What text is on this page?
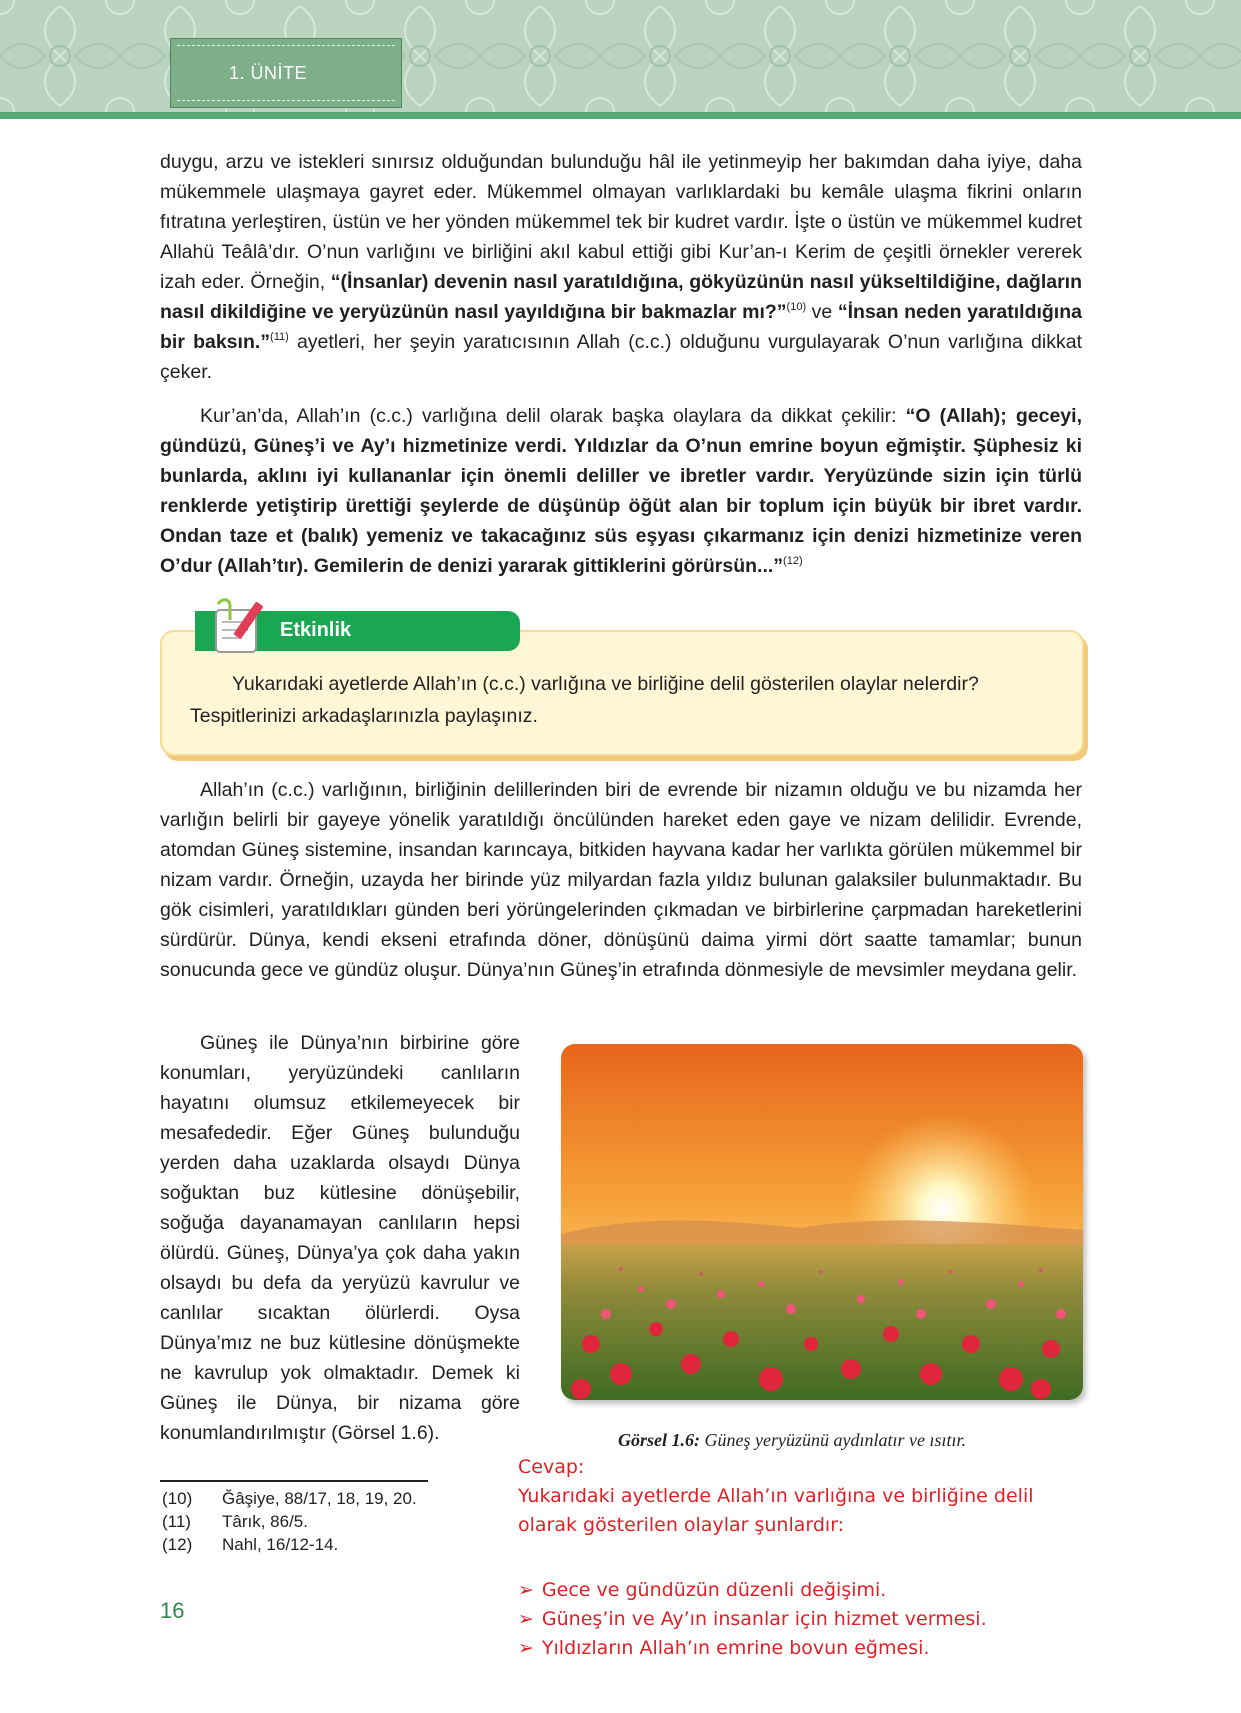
1. ÜNİTE
duygu, arzu ve istekleri sınırsız olduğundan bulunduğu hâl ile yetinmeyip her bakımdan daha iyiye, daha mükemmele ulaşmaya gayret eder. Mükemmel olmayan varlıklardaki bu kemâle ulaşma fikrini onların fıtratına yerleştiren, üstün ve her yönden mükemmel tek bir kudret vardır. İşte o üstün ve mükemmel kudret Allahü Teâlâ’dır. O’nun varlığını ve birliğini akıl kabul ettiği gibi Kur’an-ı Kerim de çeşitli örnekler vererek izah eder. Örneğin, “(İnsanlar) devenin nasıl yaratıldığına, gökyüzünün nasıl yükseltildiğine, dağların nasıl dikildiğine ve yeryüzünün nasıl yayıldığına bir bakmazlar mı?”$^{(10)}$ ve “İnsan neden yaratıldığına bir baksın.”$^{(11)}$ ayetleri, her şeyin yaratıcısının Allah (c.c.) olduğunu vurgulayarak O’nun varlığına dikkat çeker.
Kur’an’da, Allah’ın (c.c.) varlığına delil olarak başka olaylara da dikkat çekilir: “O (Allah); geceyi, gündüzü, Güneş’i ve Ay’ı hizmetinize verdi. Yıldızlar da O’nun emrine boyun eğmiştir. Şüphesiz ki bunlarda, aklını iyi kullananlar için önemli deliller ve ibretler vardır. Yeryüzünde sizin için türlü renklerde yetiştirip ürettiği şeylerde de düşünüp öğüt alan bir toplum için büyük bir ibret vardır. Ondan taze et (balık) yemeniz ve takacağınız süs eşyası çıkarmanız için denizi hizmetinize veren O’dur (Allah’tır). Gemilerin de denizi yararak gittiklerini görürsün...”$^{(12)}$
Etkinlik
Yukarıdaki ayetlerde Allah’ın (c.c.) varlığına ve birliğine delil gösterilen olaylar nelerdir? Tespitlerinizi arkadaşlarınızla paylaşınız.
Allah’ın (c.c.) varlığının, birliğinin delillerinden biri de evrende bir nizamın olduğu ve bu nizamda her varlığın belirli bir gayeye yönelik yaratıldığı öncülünden hareket eden gaye ve nizam delilidir. Evrende, atomdan Güneş sistemine, insandan karıncaya, bitkiden hayvana kadar her varlıkta görülen mükemmel bir nizam vardır. Örneğin, uzayda her birinde yüz milyardan fazla yıldız bulunan galaksiler bulunmaktadır. Bu gök cisimleri, yaratıldıkları günden beri yörüngelerinden çıkmadan ve birbirlerine çarpmadan hareketlerini sürdürür. Dünya, kendi ekseni etrafında döner, dönüşünü daima yirmi dört saatte tamamlar; bunun sonucunda gece ve gündüz oluşur. Dünya’nın Güneş’in etrafında dönmesiyle de mevsimler meydana gelir.
Güneş ile Dünya’nın birbirine göre konumları, yeryüzündeki canlıların hayatını olumsuz etkilemeyecek bir mesafededir. Eğer Güneş bulunduğu yerden daha uzaklarda olsaydı Dünya soğuktan buz kütlesine dönüşebilir, soğuğa dayanamayan canlıların hepsi ölürdü. Güneş, Dünya’ya çok daha yakın olsaydı bu defa da yeryüzü kavrulur ve canlılar sıcaktan ölürlerdi. Oysa Dünya’mız ne buz kütlesine dönüşmekte ne kavrulup yok olmaktadır. Demek ki Güneş ile Dünya, bir nizama göre konumlandırılmıştır (Görsel 1.6).	Görsel 1.6: Güneş yeryüzünü aydınlatır ve ısıtır.
(10)	Ğâşiye, 88/17, 18, 19, 20.
(11)	Târık, 86/5.
(12)	Nahl, 16/12-14.
16
Cevap:
Yukarıdaki ayetlerde Allah’ın varlığına ve birliğine delil olarak gösterilen olaylar şunlardır:
➢ Gece ve gündüzün düzenli değişimi.
➢ Güneş’in ve Ay’ın insanlar için hizmet vermesi.
➢ Yıldızların Allah’ın emrine bovun eğmesi.
